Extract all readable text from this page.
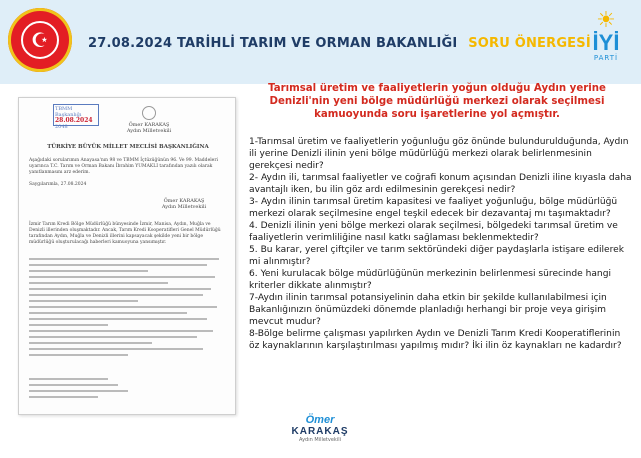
☪	27.08.2024 TARİHLİ TARIM VE ORMAN BAKANLIĞI SORU ÖNERGESİ
☀
İYİ
PARTİ
TBMM Başkanlığı
28.08.2024
2048	Ömer KARAKAŞ
Aydın Milletvekili
TÜRKİYE BÜYÜK MİLLET MECLİSİ BAŞKANLIĞINA
Aşağıdaki sorularımın Anayasa'nın 98 ve TBMM İçtüzüğünün 96. Ve 99. Maddeleri uyarınca T.C. Tarım ve Orman Bakanı İbrahim YUMAKLI tarafından yazılı olarak yanıtlanmasını arz ederim.
Saygılarımla, 27.08.2024
Ömer KARAKAŞ
Aydın Milletvekili
İzmir Tarım Kredi Bölge Müdürlüğü bünyesinde İzmir, Manisa, Aydın, Muğla ve Denizli illerinden oluşmaktadır. Ancak, Tarım Kredi Kooperatifleri Genel Müdürlüğü tarafından Aydın, Muğla ve Denizli illerini kapsayacak şekilde yeni bir bölge müdürlüğü oluşturulacağı haberleri kamuoyuna yansımıştır.
Tarımsal üretim ve faaliyetlerin yoğun olduğu Aydın yerine Denizli'nin yeni bölge müdürlüğü merkezi olarak seçilmesi kamuoyunda soru işaretlerine yol açmıştır.

1-Tarımsal üretim ve faaliyetlerin yoğunluğu göz önünde bulundurulduğunda, Aydın ili yerine Denizli ilinin yeni bölge müdürlüğü merkezi olarak belirlenmesinin gerekçesi nedir?

2- Aydın ili, tarımsal faaliyetler ve coğrafi konum açısından Denizli iline kıyasla daha avantajlı iken, bu ilin göz ardı edilmesinin gerekçesi nedir?

3- Aydın ilinin tarımsal üretim kapasitesi ve faaliyet yoğunluğu, bölge müdürlüğü merkezi olarak seçilmesine engel teşkil edecek bir dezavantaj mı taşımaktadır?

4. Denizli ilinin yeni bölge merkezi olarak seçilmesi, bölgedeki tarımsal üretim ve faaliyetlerin verimliliğine nasıl katkı sağlaması beklenmektedir?

5. Bu karar, yerel çiftçiler ve tarım sektöründeki diğer paydaşlarla istişare edilerek mi alınmıştır?

6. Yeni kurulacak bölge müdürlüğünün merkezinin belirlenmesi sürecinde hangi kriterler dikkate alınmıştır?

7-Aydın ilinin tarımsal potansiyelinin daha etkin bir şekilde kullanılabilmesi için Bakanlığınızın önümüzdeki dönemde planladığı herhangi bir proje veya girişim mevcut mudur?

8-Bölge belirme çalışması yapılırken Aydın ve Denizli Tarım Kredi Kooperatiflerinin öz kaynaklarının karşılaştırılması yapılmış mıdır? İki ilin öz kaynakları ne kadardır?

Ömer
KARAKAŞ
Aydın Milletvekili
